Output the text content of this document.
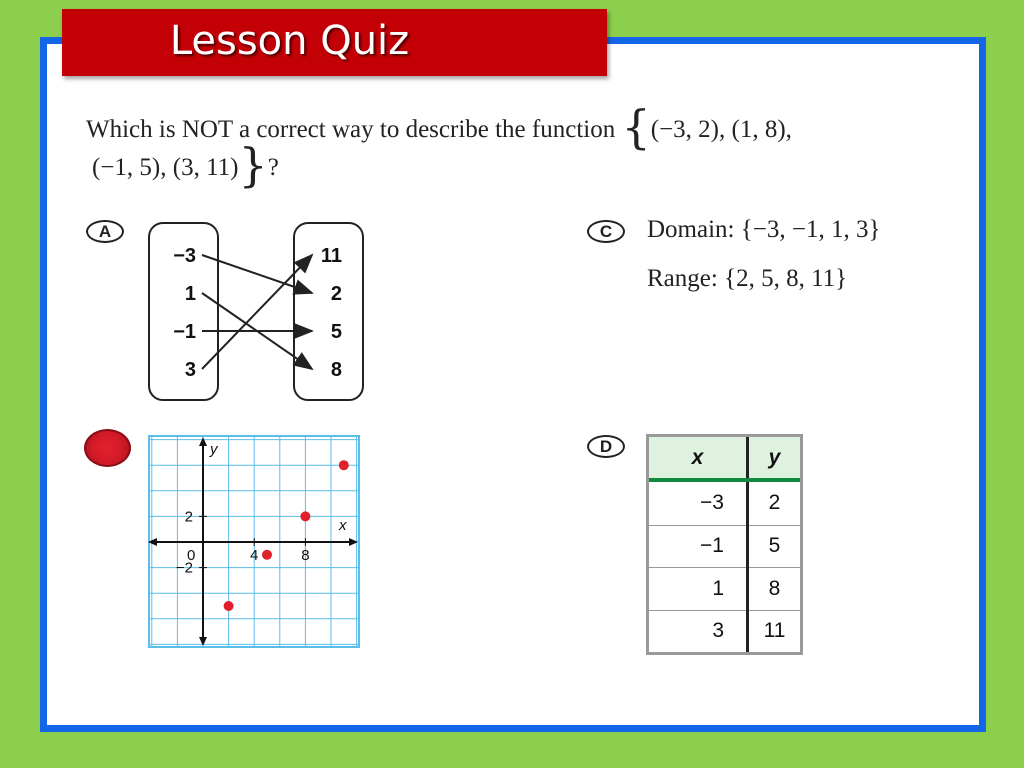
Lesson Quiz
Which is NOT a correct way to describe the function {(−3, 2), (1, 8),
(−1, 5), (3, 11)}?
A
−3
1
−1
3
11
2
5
8
y
x
0	4	8
2
−2
C	Domain: {−3, −1, 1, 3}
Range: {2, 5, 8, 11}
D	x	y
−3	2
−1	5
1	8
3	11
